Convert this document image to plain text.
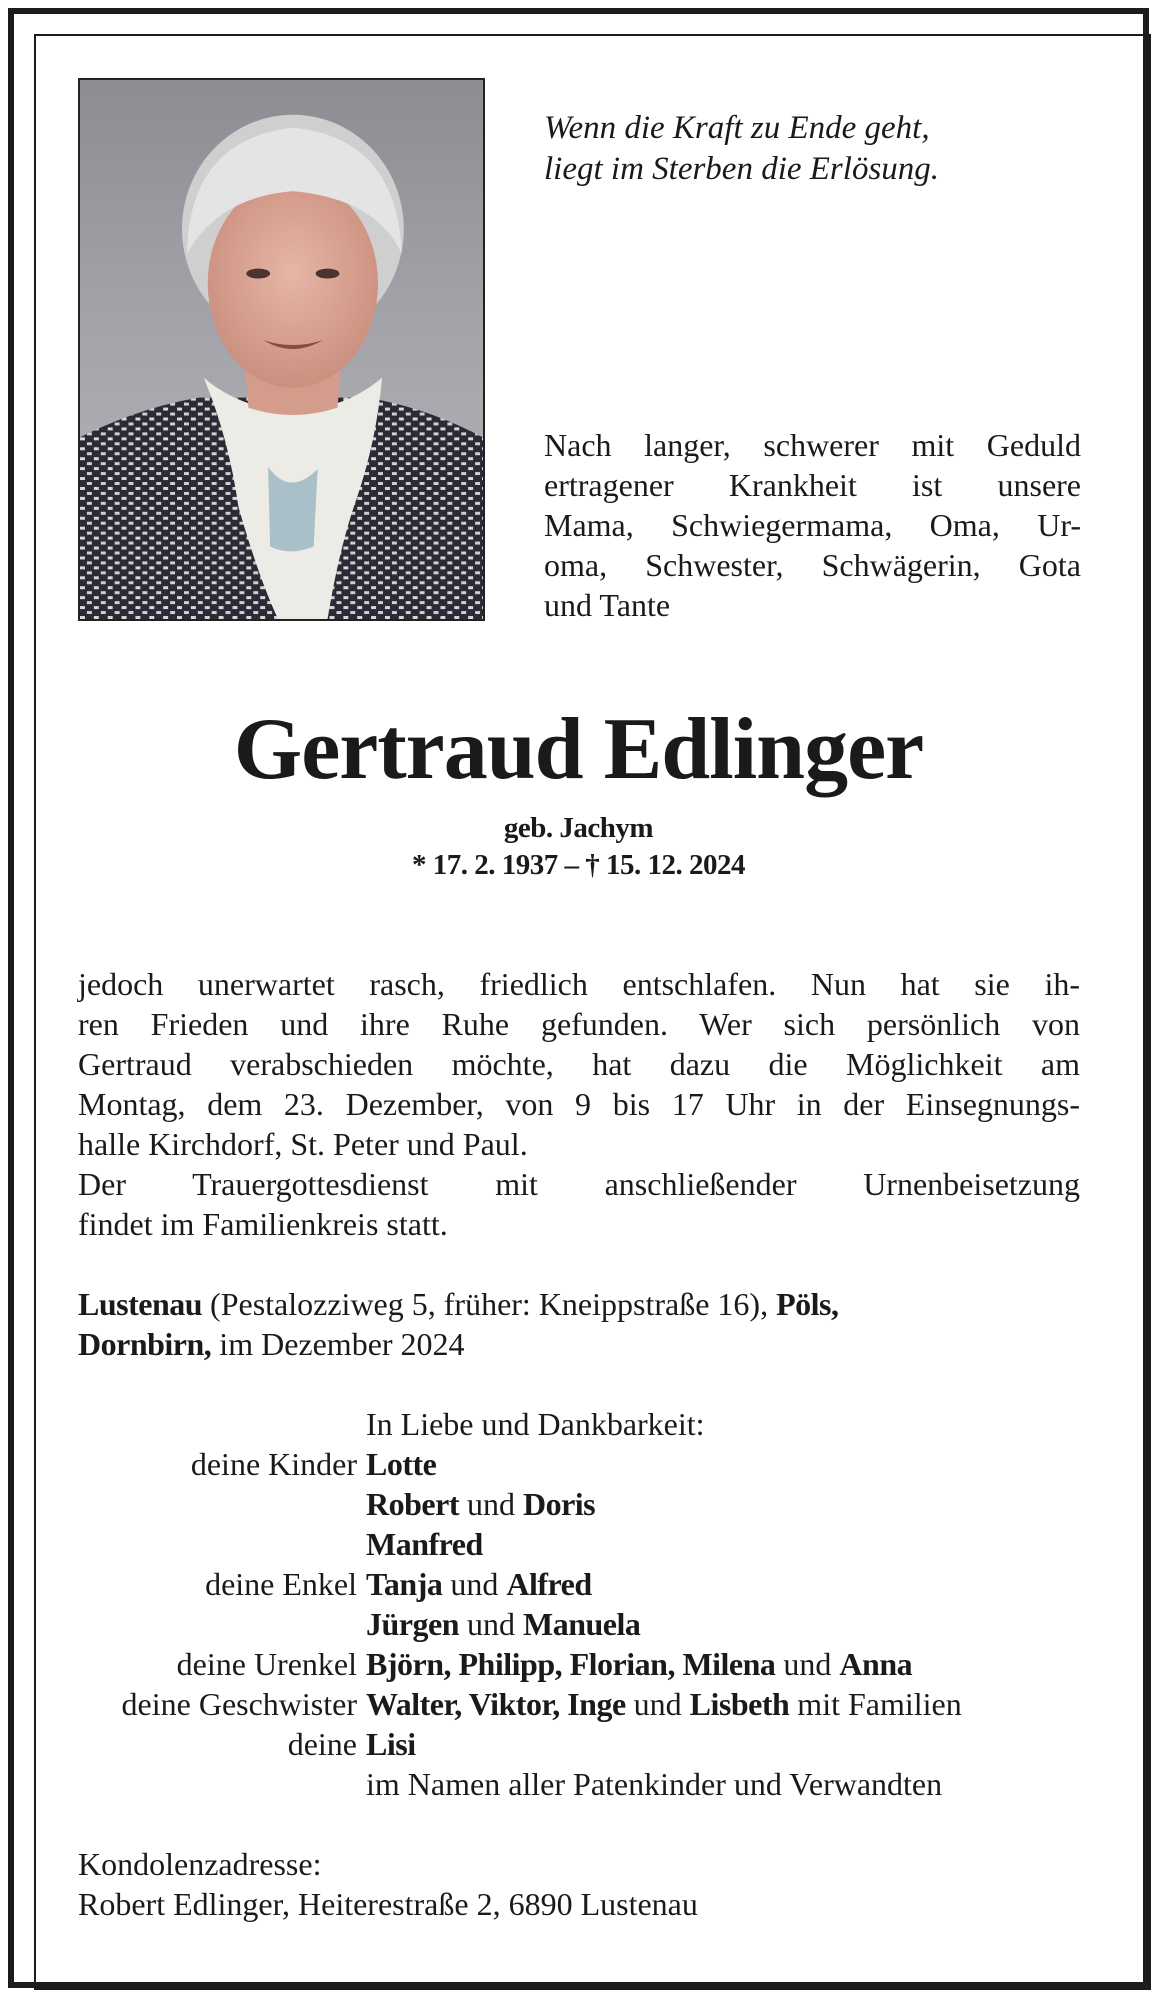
Wenn die Kraft zu Ende geht,
liegt im Sterben die Erlösung.
Nach langer, schwerer mit Geduld
ertragener Krankheit ist unsere
Mama, Schwiegermama, Oma, Ur-
oma, Schwester, Schwägerin, Gota
und Tante
Gertraud Edlinger
geb. Jachym
* 17. 2. 1937 – † 15. 12. 2024
jedoch unerwartet rasch, friedlich entschlafen. Nun hat sie ih-
ren Frieden und ihre Ruhe gefunden. Wer sich persönlich von
Gertraud verabschieden möchte, hat dazu die Möglichkeit am
Montag, dem 23. Dezember, von 9 bis 17 Uhr in der Einsegnungs-
halle Kirchdorf, St. Peter und Paul.
Der Trauergottesdienst mit anschließender Urnenbeisetzung
findet im Familienkreis statt.
Lustenau (Pestalozziweg 5, früher: Kneippstraße 16), Pöls,
Dornbirn, im Dezember 2024
In Liebe und Dankbarkeit:
deine Kinder Lotte
Robert und Doris
Manfred
deine Enkel Tanja und Alfred
Jürgen und Manuela
deine Urenkel Björn, Philipp, Florian, Milena und Anna
deine Geschwister Walter, Viktor, Inge und Lisbeth mit Familien
deine Lisi
im Namen aller Patenkinder und Verwandten
Kondolenzadresse:
Robert Edlinger, Heiterestraße 2, 6890 Lustenau
